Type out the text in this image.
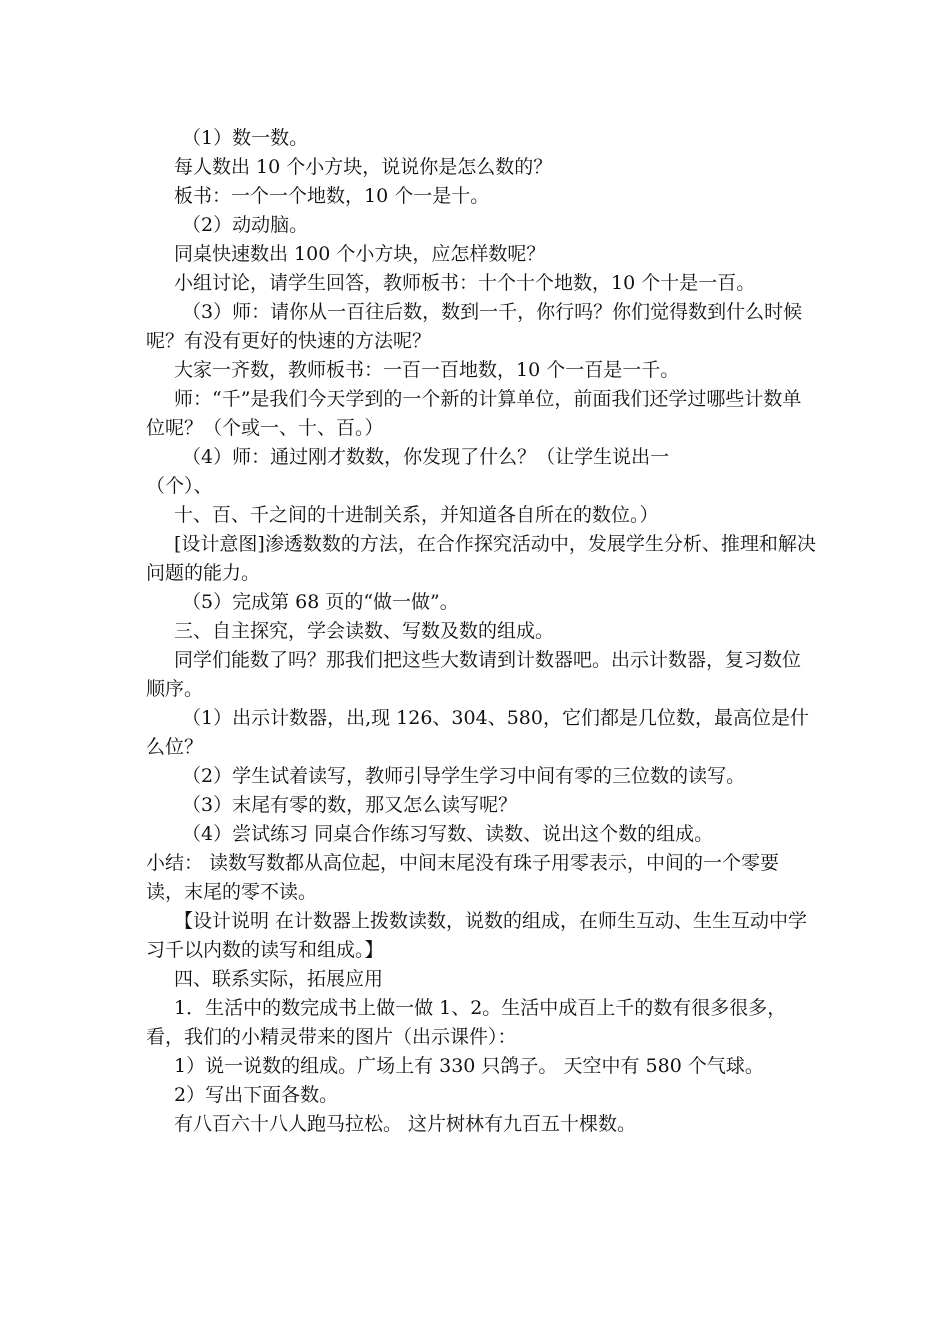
（1）数一数。

每人数出 10 个小方块，说说你是怎么数的？

板书：一个一个地数，10 个一是十。

（2）动动脑。

同桌快速数出 100 个小方块，应怎样数呢？

小组讨论，请学生回答，教师板书：十个十个地数，10 个十是一百。

（3）师：请你从一百往后数，数到一千，你行吗？你们觉得数到什么时候呢？有没有更好的快速的方法呢？

大家一齐数，教师板书：一百一百地数，10 个一百是一千。

师：“千”是我们今天学到的一个新的计算单位，前面我们还学过哪些计数单位呢？（个或一、十、百。）

（4）师：通过刚才数数，你发现了什么？（让学生说出一

（个）、

十、百、千之间的十进制关系，并知道各自所在的数位。）

[设计意图]渗透数数的方法，在合作探究活动中，发展学生分析、推理和解决问题的能力。

（5）完成第 68 页的“做一做”。

三、自主探究，学会读数、写数及数的组成。

同学们能数了吗？那我们把这些大数请到计数器吧。出示计数器，复习数位顺序。

（1）出示计数器，出,现 126、304、580，它们都是几位数，最高位是什么位？

（2）学生试着读写，教师引导学生学习中间有零的三位数的读写。

（3）末尾有零的数，那又怎么读写呢？

（4）尝试练习 同桌合作练习写数、读数、说出这个数的组成。

小结： 读数写数都从高位起，中间末尾没有珠子用零表示，中间的一个零要读，末尾的零不读。

【设计说明 在计数器上拨数读数，说数的组成，在师生互动、生生互动中学习千以内数的读写和组成。】

四、联系实际，拓展应用

1．生活中的数完成书上做一做 1、2。生活中成百上千的数有很多很多，看，我们的小精灵带来的图片（出示课件）：

1）说一说数的组成。广场上有 330 只鸽子。 天空中有 580 个气球。

2）写出下面各数。

有八百六十八人跑马拉松。 这片树林有九百五十棵数。
